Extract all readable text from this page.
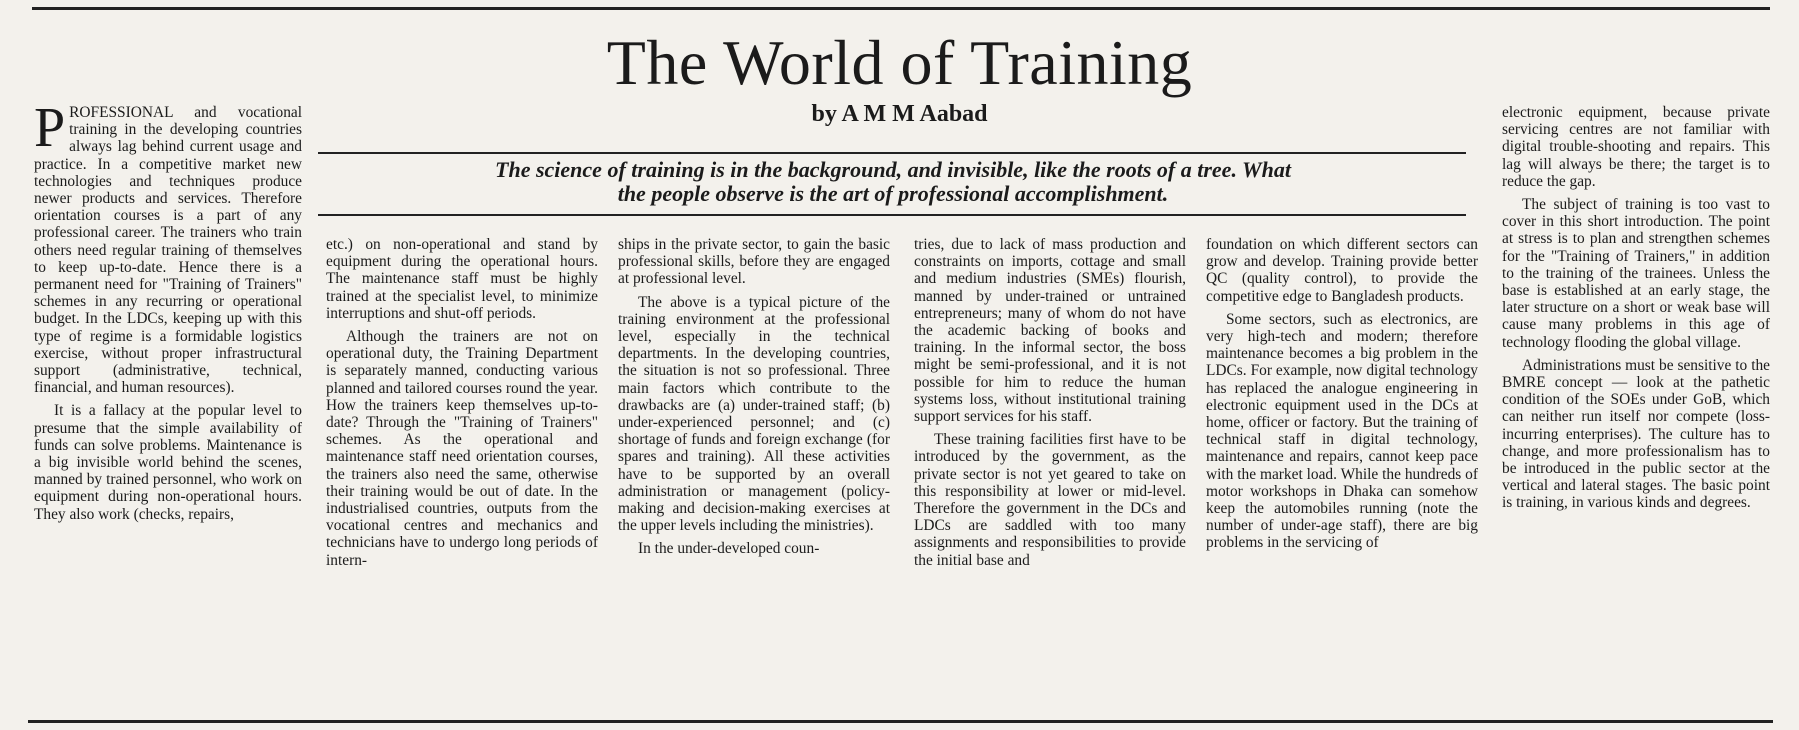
The World of Training
by A M M Aabad
The science of training is in the background, and invisible, like the roots of a tree. What
the people observe is the art of professional accomplishment.

PROFESSIONAL and vocational training in the developing countries always lag behind current usage and practice. In a competitive market new technologies and techniques produce newer products and services. Therefore orientation courses is a part of any professional career. The trainers who train others need regular training of themselves to keep up-to-date. Hence there is a permanent need for "Training of Trainers" schemes in any recurring or operational budget. In the LDCs, keeping up with this type of regime is a formidable logistics exercise, without proper infrastructural support (administrative, technical, financial, and human resources).

It is a fallacy at the popular level to presume that the simple availability of funds can solve problems. Maintenance is a big invisible world behind the scenes, manned by trained personnel, who work on equipment during non-operational hours. They also work (checks, repairs,

etc.) on non-operational and stand by equipment during the operational hours. The maintenance staff must be highly trained at the specialist level, to minimize interruptions and shut-off periods.

Although the trainers are not on operational duty, the Training Department is separately manned, conducting various planned and tailored courses round the year. How the trainers keep themselves up-to-date? Through the "Training of Trainers" schemes. As the operational and maintenance staff need orientation courses, the trainers also need the same, otherwise their training would be out of date. In the industrialised countries, outputs from the vocational centres and mechanics and technicians have to undergo long periods of intern-

ships in the private sector, to gain the basic professional skills, before they are engaged at professional level.

The above is a typical picture of the training environment at the professional level, especially in the technical departments. In the developing countries, the situation is not so professional. Three main factors which contribute to the drawbacks are (a) under-trained staff; (b) under-experienced personnel; and (c) shortage of funds and foreign exchange (for spares and training). All these activities have to be supported by an overall administration or management (policy-making and decision-making exercises at the upper levels including the ministries).

In the under-developed coun-

tries, due to lack of mass production and constraints on imports, cottage and small and medium industries (SMEs) flourish, manned by under-trained or untrained entrepreneurs; many of whom do not have the academic backing of books and training. In the informal sector, the boss might be semi-professional, and it is not possible for him to reduce the human systems loss, without institutional training support services for his staff.

These training facilities first have to be introduced by the government, as the private sector is not yet geared to take on this responsibility at lower or mid-level. Therefore the government in the DCs and LDCs are saddled with too many assignments and responsibilities to provide the initial base and

foundation on which different sectors can grow and develop. Training provide better QC (quality control), to provide the competitive edge to Bangladesh products.

Some sectors, such as electronics, are very high-tech and modern; therefore maintenance becomes a big problem in the LDCs. For example, now digital technology has replaced the analogue engineering in electronic equipment used in the DCs at home, officer or factory. But the training of technical staff in digital technology, maintenance and repairs, cannot keep pace with the market load. While the hundreds of motor workshops in Dhaka can somehow keep the automobiles running (note the number of under-age staff), there are big problems in the servicing of

electronic equipment, because private servicing centres are not familiar with digital trouble-shooting and repairs. This lag will always be there; the target is to reduce the gap.

The subject of training is too vast to cover in this short introduction. The point at stress is to plan and strengthen schemes for the "Training of Trainers," in addition to the training of the trainees. Unless the base is established at an early stage, the later structure on a short or weak base will cause many problems in this age of technology flooding the global village.

Administrations must be sensitive to the BMRE concept — look at the pathetic condition of the SOEs under GoB, which can neither run itself nor compete (loss-incurring enterprises). The culture has to change, and more professionalism has to be introduced in the public sector at the vertical and lateral stages. The basic point is training, in various kinds and degrees.
